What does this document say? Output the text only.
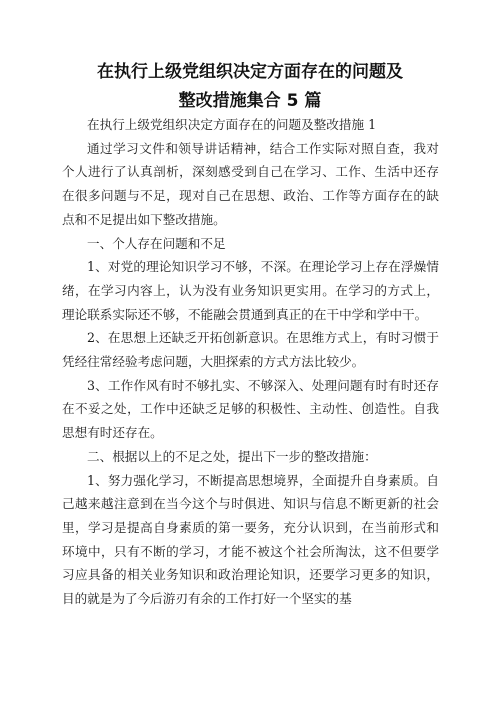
在执行上级党组织决定方面存在的问题及
整改措施集合 5 篇

在执行上级党组织决定方面存在的问题及整改措施 1

通过学习文件和领导讲话精神，结合工作实际对照自查，我对个人进行了认真剖析，深刻感受到自己在学习、工作、生活中还存在很多问题与不足，现对自己在思想、政治、工作等方面存在的缺点和不足提出如下整改措施。

一、个人存在问题和不足

1、对党的理论知识学习不够，不深。在理论学习上存在浮燥情绪，在学习内容上，认为没有业务知识更实用。在学习的方式上，理论联系实际还不够，不能融会贯通到真正的在干中学和学中干。

2、在思想上还缺乏开拓创新意识。在思维方式上，有时习惯于凭经往常经验考虑问题，大胆探索的方式方法比较少。

3、工作作风有时不够扎实、不够深入、处理问题有时有时还存在不妥之处，工作中还缺乏足够的积极性、主动性、创造性。自我思想有时还存在。

二、根据以上的不足之处，提出下一步的整改措施：

1、努力强化学习，不断提高思想境界，全面提升自身素质。自己越来越注意到在当今这个与时俱进、知识与信息不断更新的社会里，学习是提高自身素质的第一要务，充分认识到，在当前形式和环境中，只有不断的学习，才能不被这个社会所淘汰，这不但要学习应具备的相关业务知识和政治理论知识，还要学习更多的知识，目的就是为了今后游刃有余的工作打好一个坚实的基
